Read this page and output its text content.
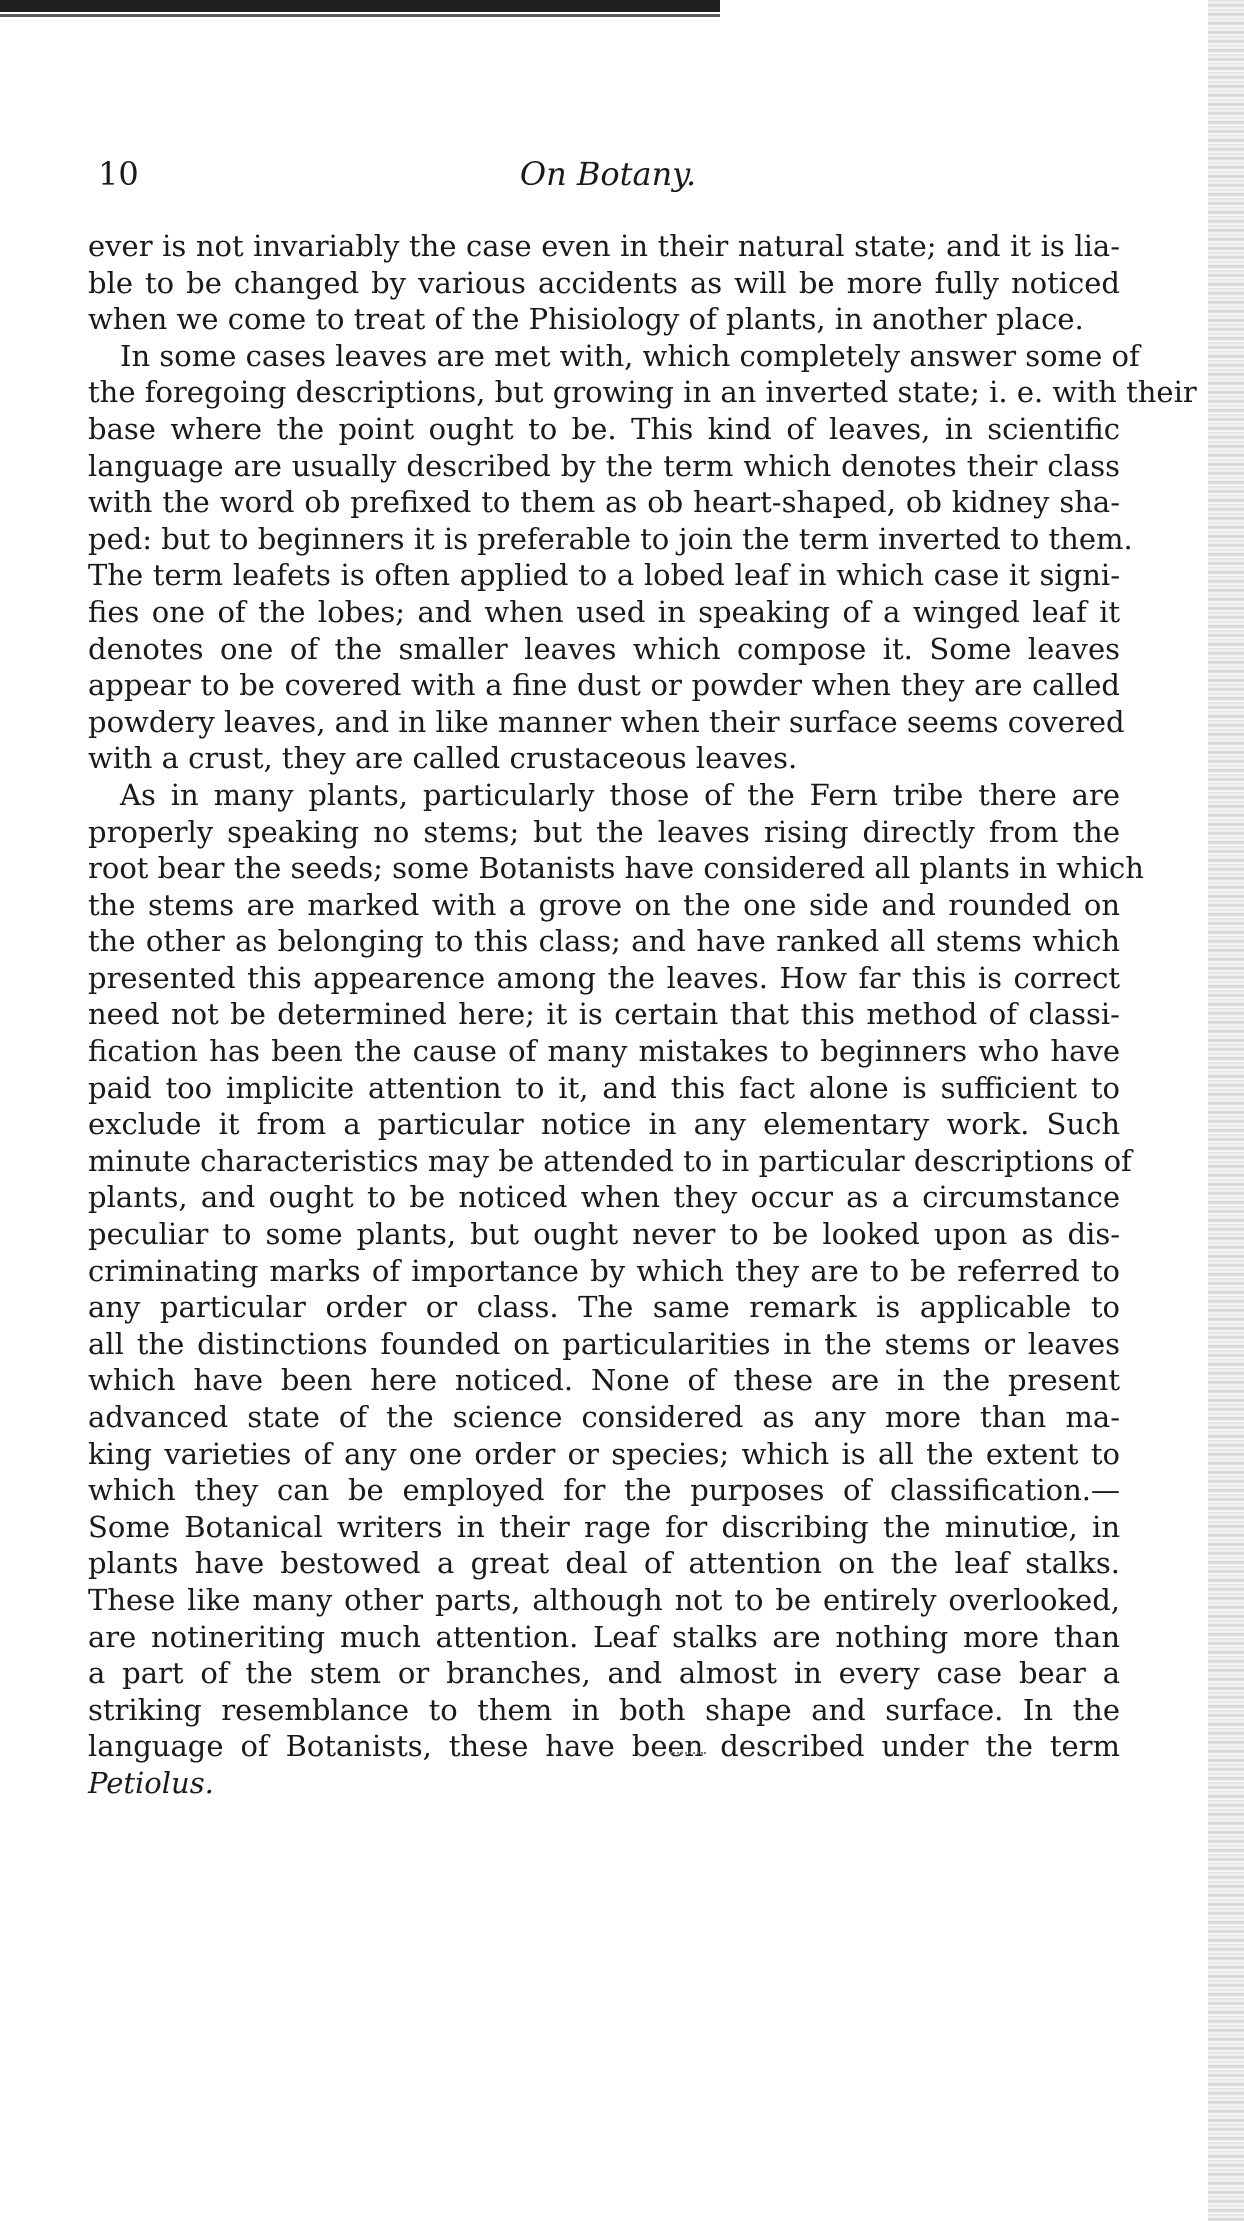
10	On Botany.
ever is not invariably the case even in their natural state; and it is lia-
ble to be changed by various accidents as will be more fully noticed
when we come to treat of the Phisiology of plants, in another place.
In some cases leaves are met with, which completely answer some of
the foregoing descriptions, but growing in an inverted state; i. e. with their
base where the point ought to be. This kind of leaves, in scientific
language are usually described by the term which denotes their class
with the word ob prefixed to them as ob heart-shaped, ob kidney sha-
ped: but to beginners it is preferable to join the term inverted to them.
The term leafets is often applied to a lobed leaf in which case it signi-
fies one of the lobes; and when used in speaking of a winged leaf it
denotes one of the smaller leaves which compose it. Some leaves
appear to be covered with a fine dust or powder when they are called
powdery leaves, and in like manner when their surface seems covered
with a crust, they are called crustaceous leaves.
As in many plants, particularly those of the Fern tribe there are
properly speaking no stems; but the leaves rising directly from the
root bear the seeds; some Botanists have considered all plants in which
the stems are marked with a grove on the one side and rounded on
the other as belonging to this class; and have ranked all stems which
presented this appearence among the leaves. How far this is correct
need not be determined here; it is certain that this method of classi-
fication has been the cause of many mistakes to beginners who have
paid too implicite attention to it, and this fact alone is sufficient to
exclude it from a particular notice in any elementary work. Such
minute characteristics may be attended to in particular descriptions of
plants, and ought to be noticed when they occur as a circumstance
peculiar to some plants, but ought never to be looked upon as dis-
criminating marks of importance by which they are to be referred to
any particular order or class. The same remark is applicable to
all the distinctions founded on particularities in the stems or leaves
which have been here noticed. None of these are in the present
advanced state of the science considered as any more than ma-
king varieties of any one order or species; which is all the extent to
which they can be employed for the purposes of classification.—
Some Botanical writers in their rage for discribing the minutiœ, in
plants have bestowed a great deal of attention on the leaf stalks.
These like many other parts, although not to be entirely overlooked,
are notineriting much attention. Leaf stalks are nothing more than
a part of the stem or branches, and almost in every case bear a
striking resemblance to them in both shape and surface. In the
language of Botanists, these have been described under the term
Petiolus.
